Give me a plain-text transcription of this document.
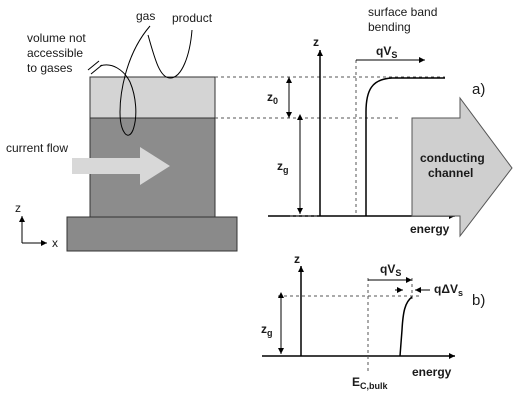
gas product
volume not
accessible
to gases
current flow
surface band
bending
z
x
z
energy
$qV_S$
$z_0$
$z_g$
a)
conducting
channel
z
energy
$qV_S$
qΔV$_s$
$z_g$
b)
$E_{C,bulk}$
